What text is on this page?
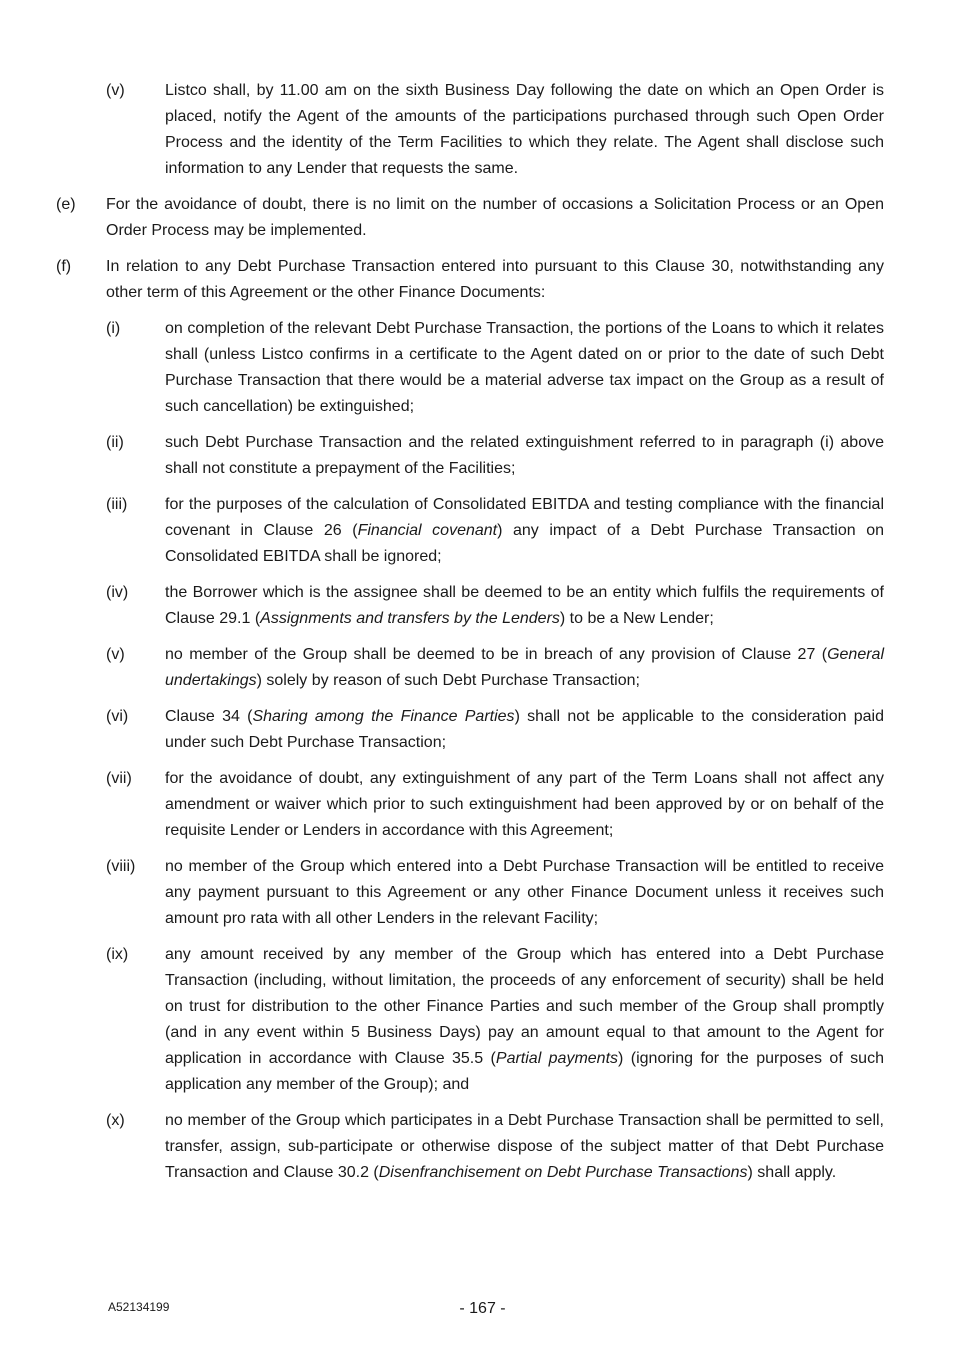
(v)	Listco shall, by 11.00 am on the sixth Business Day following the date on which an Open Order is placed, notify the Agent of the amounts of the participations purchased through such Open Order Process and the identity of the Term Facilities to which they relate. The Agent shall disclose such information to any Lender that requests the same.
(e) For the avoidance of doubt, there is no limit on the number of occasions a Solicitation Process or an Open Order Process may be implemented.
(f) In relation to any Debt Purchase Transaction entered into pursuant to this Clause 30, notwithstanding any other term of this Agreement or the other Finance Documents:
(i)	on completion of the relevant Debt Purchase Transaction, the portions of the Loans to which it relates shall (unless Listco confirms in a certificate to the Agent dated on or prior to the date of such Debt Purchase Transaction that there would be a material adverse tax impact on the Group as a result of such cancellation) be extinguished;
(ii)	such Debt Purchase Transaction and the related extinguishment referred to in paragraph (i) above shall not constitute a prepayment of the Facilities;
(iii) for the purposes of the calculation of Consolidated EBITDA and testing compliance with the financial covenant in Clause 26 (Financial covenant) any impact of a Debt Purchase Transaction on Consolidated EBITDA shall be ignored;
(iv) the Borrower which is the assignee shall be deemed to be an entity which fulfils the requirements of Clause 29.1 (Assignments and transfers by the Lenders) to be a New Lender;
(v)	no member of the Group shall be deemed to be in breach of any provision of Clause 27 (General undertakings) solely by reason of such Debt Purchase Transaction;
(vi) Clause 34 (Sharing among the Finance Parties) shall not be applicable to the consideration paid under such Debt Purchase Transaction;
(vii) for the avoidance of doubt, any extinguishment of any part of the Term Loans shall not affect any amendment or waiver which prior to such extinguishment had been approved by or on behalf of the requisite Lender or Lenders in accordance with this Agreement;
(viii) no member of the Group which entered into a Debt Purchase Transaction will be entitled to receive any payment pursuant to this Agreement or any other Finance Document unless it receives such amount pro rata with all other Lenders in the relevant Facility;
(ix) any amount received by any member of the Group which has entered into a Debt Purchase Transaction (including, without limitation, the proceeds of any enforcement of security) shall be held on trust for distribution to the other Finance Parties and such member of the Group shall promptly (and in any event within 5 Business Days) pay an amount equal to that amount to the Agent for application in accordance with Clause 35.5 (Partial payments) (ignoring for the purposes of such application any member of the Group); and
(x)	no member of the Group which participates in a Debt Purchase Transaction shall be permitted to sell, transfer, assign, sub-participate or otherwise dispose of the subject matter of that Debt Purchase Transaction and Clause 30.2 (Disenfranchisement on Debt Purchase Transactions) shall apply.
A52134199	- 167 -
